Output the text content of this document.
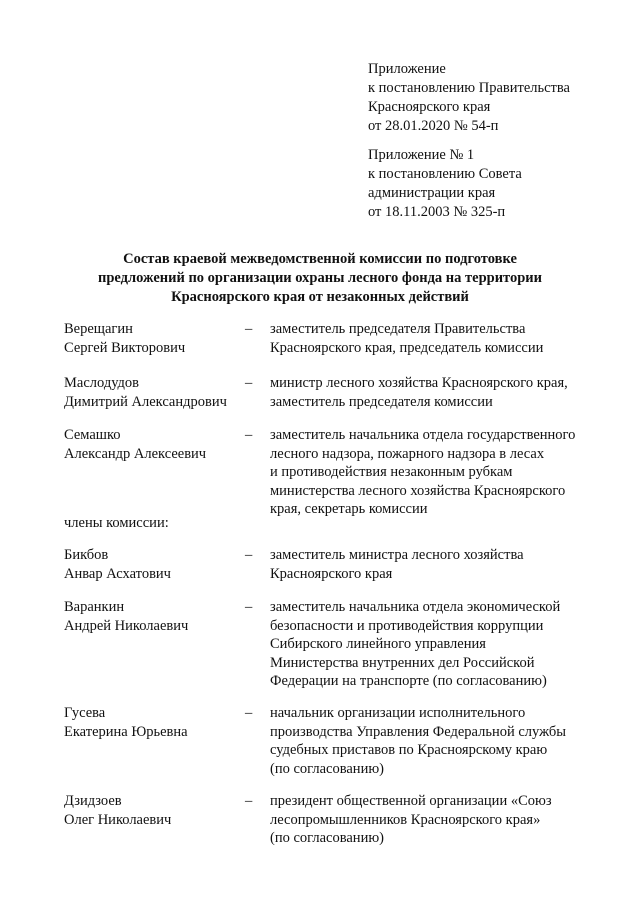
Приложение
к постановлению Правительства
Красноярского края
от 28.01.2020 № 54-п
Приложение № 1
к постановлению Совета
администрации края
от 18.11.2003 № 325-п
Состав краевой межведомственной комиссии по подготовке
предложений по организации охраны лесного фонда на территории
Красноярского края от незаконных действий
Верещагин
Сергей Викторович
– заместитель председателя Правительства
Красноярского края, председатель комиссии
Маслодудов
Димитрий Александрович
– министр лесного хозяйства Красноярского края,
заместитель председателя комиссии
Семашко
Александр Алексеевич
– заместитель начальника отдела государственного
лесного надзора, пожарного надзора в лесах
и противодействия незаконным рубкам
министерства лесного хозяйства Красноярского
края, секретарь комиссии
члены комиссии:
Бикбов
Анвар Асхатович
– заместитель министра лесного хозяйства
Красноярского края
Варанкин
Андрей Николаевич
– заместитель начальника отдела экономической
безопасности и противодействия коррупции
Сибирского линейного управления
Министерства внутренних дел Российской
Федерации на транспорте (по согласованию)
Гусева
Екатерина Юрьевна
– начальник организации исполнительного
производства Управления Федеральной службы
судебных приставов по Красноярскому краю
(по согласованию)
Дзидзоев
Олег Николаевич
– президент общественной организации «Союз
лесопромышленников Красноярского края»
(по согласованию)
